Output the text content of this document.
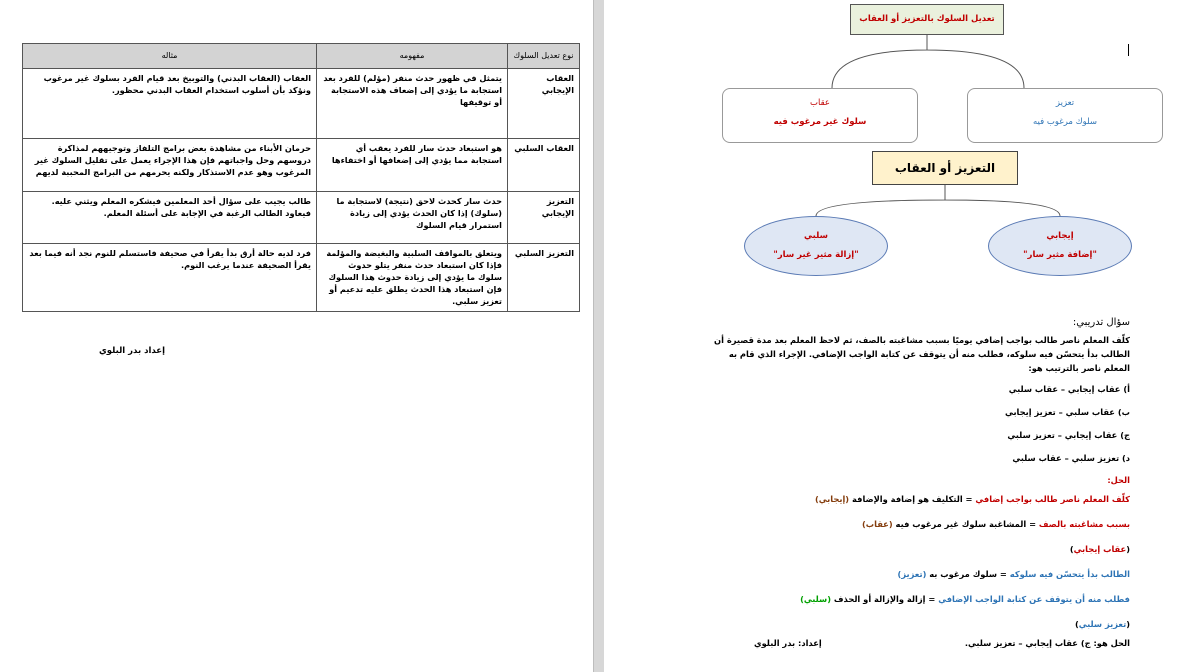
نوع تعديل السلوك	مفهومه	مثاله
العقاب الإيجابي	يتمثل في ظهور حدث منفر (مؤلم) للفرد بعد استجابة ما يؤدي إلى إضعاف هذه الاستجابة أو توقيفها	العقاب (العقاب البدني) والتوبيخ بعد قيام الفرد بسلوك غير مرغوب ونؤكد بأن أسلوب استخدام العقاب البدني محظور.
العقاب السلبي	هو استبعاد حدث سار للفرد يعقب أي استجابة مما يؤدي إلى إضعافها أو اختفاءها	حرمان الأبناء من مشاهدة بعض برامج التلفاز وتوجيههم لمذاكرة دروسهم وحل واجباتهم فإن هذا الإجراء يعمل على تقليل السلوك غير المرغوب وهو عدم الاستذكار ولكنه يحرمهم من البرامج المحببة لديهم
التعزيز الإيجابي	حدث سار كحدث لاحق (نتيجة) لاستجابة ما (سلوك) إذا كان الحدث يؤدي إلى زيادة استمرار قيام السلوك	طالب يجيب على سؤال أحد المعلمين فيشكره المعلم ويثني عليه. فيعاود الطالب الرغبة في الإجابة على أسئلة المعلم.
التعزيز السلبي	ويتعلق بالمواقف السلبية والبغيضة والمؤلمة فإذا كان استبعاد حدث منفر يتلو حدوث سلوك ما يؤدي إلى زيادة حدوث هذا السلوك فإن استبعاد هذا الحدث يطلق عليه تدعيم أو تعزيز سلبي.	فرد لديه حالة أرق بدأ يقرأ في صحيفة فاستسلم للنوم نجد أنه فيما بعد يقرأ الصحيفة عندما يرغب النوم.
إعداد بدر البلوي
تعديل السلوك بالتعزيز أو العقاب
عقاب
سلوك غير مرغوب فيه
تعزيز
سلوك مرغوب فيه
التعزيز أو العقاب
سلبي
"إزالة مثير غير سار"
إيجابي
"إضافة مثير سار"

سؤال تدريبي:

كلّف المعلم ناصر طالب بواجب إضافي يوميًا بسبب مشاغبته بالصف، ثم لاحظ المعلم بعد مدة قصيرة أن الطالب بدأ يتحسّن فيه سلوكه، فطلب منه أن يتوقف عن كتابة الواجب الإضافي. الإجراء الذي قام به المعلم ناصر بالترتيب هو:

أ) عقاب إيجابي – عقاب سلبي

ب) عقاب سلبي – تعزيز إيجابي

ج) عقاب إيجابي – تعزيز سلبي

د) تعزيز سلبي – عقاب سلبي

الحل:

كلّف المعلم ناصر طالب بواجب إضافي = التكليف هو إضافة والإضافة (إيجابي)

بسبب مشاغبته بالصف = المشاغبة سلوك غير مرغوب فيه (عقاب)

(عقاب إيجابي)

الطالب بدأ يتحسّن فيه سلوكه = سلوك مرغوب به (تعزيز)

فطلب منه أن يتوقف عن كتابة الواجب الإضافي = إزالة والإزالة أو الحذف (سلبي)

(تعزيز سلبي)

الحل هو: ج) عقاب إيجابي – تعزيز سلبي.
إعداد: بدر البلوي
